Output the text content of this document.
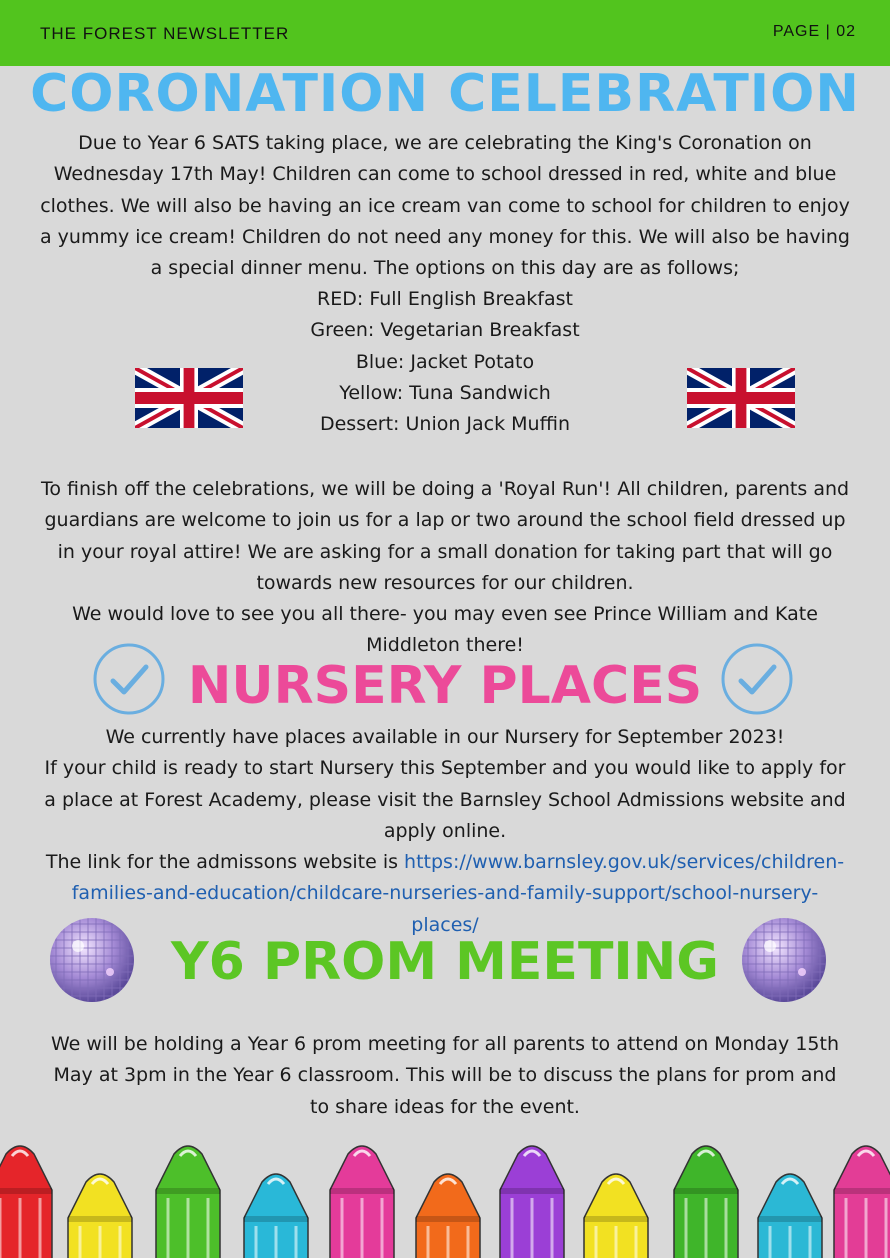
THE FOREST NEWSLETTER	PAGE | 02
CORONATION CELEBRATION
Due to Year 6 SATS taking place, we are celebrating the King's Coronation on
Wednesday 17th May! Children can come to school dressed in red, white and blue
clothes. We will also be having an ice cream van come to school for children to enjoy
a yummy ice cream! Children do not need any money for this. We will also be having
a special dinner menu. The options on this day are as follows;
RED: Full English Breakfast
Green: Vegetarian Breakfast
Blue: Jacket Potato
Yellow: Tuna Sandwich
Dessert: Union Jack Muffin
To finish off the celebrations, we will be doing a 'Royal Run'! All children, parents and
guardians are welcome to join us for a lap or two around the school field dressed up
in your royal attire! We are asking for a small donation for taking part that will go
towards new resources for our children.
We would love to see you all there- you may even see Prince William and Kate
Middleton there!
NURSERY PLACES
We currently have places available in our Nursery for September 2023!
If your child is ready to start Nursery this September and you would like to apply for
a place at Forest Academy, please visit the Barnsley School Admissions website and
apply online.
The link for the admissons website is https://www.barnsley.gov.uk/services/children-
families-and-education/childcare-nurseries-and-family-support/school-nursery-
places/
Y6 PROM MEETING
We will be holding a Year 6 prom meeting for all parents to attend on Monday 15th
May at 3pm in the Year 6 classroom. This will be to discuss the plans for prom and
to share ideas for the event.
